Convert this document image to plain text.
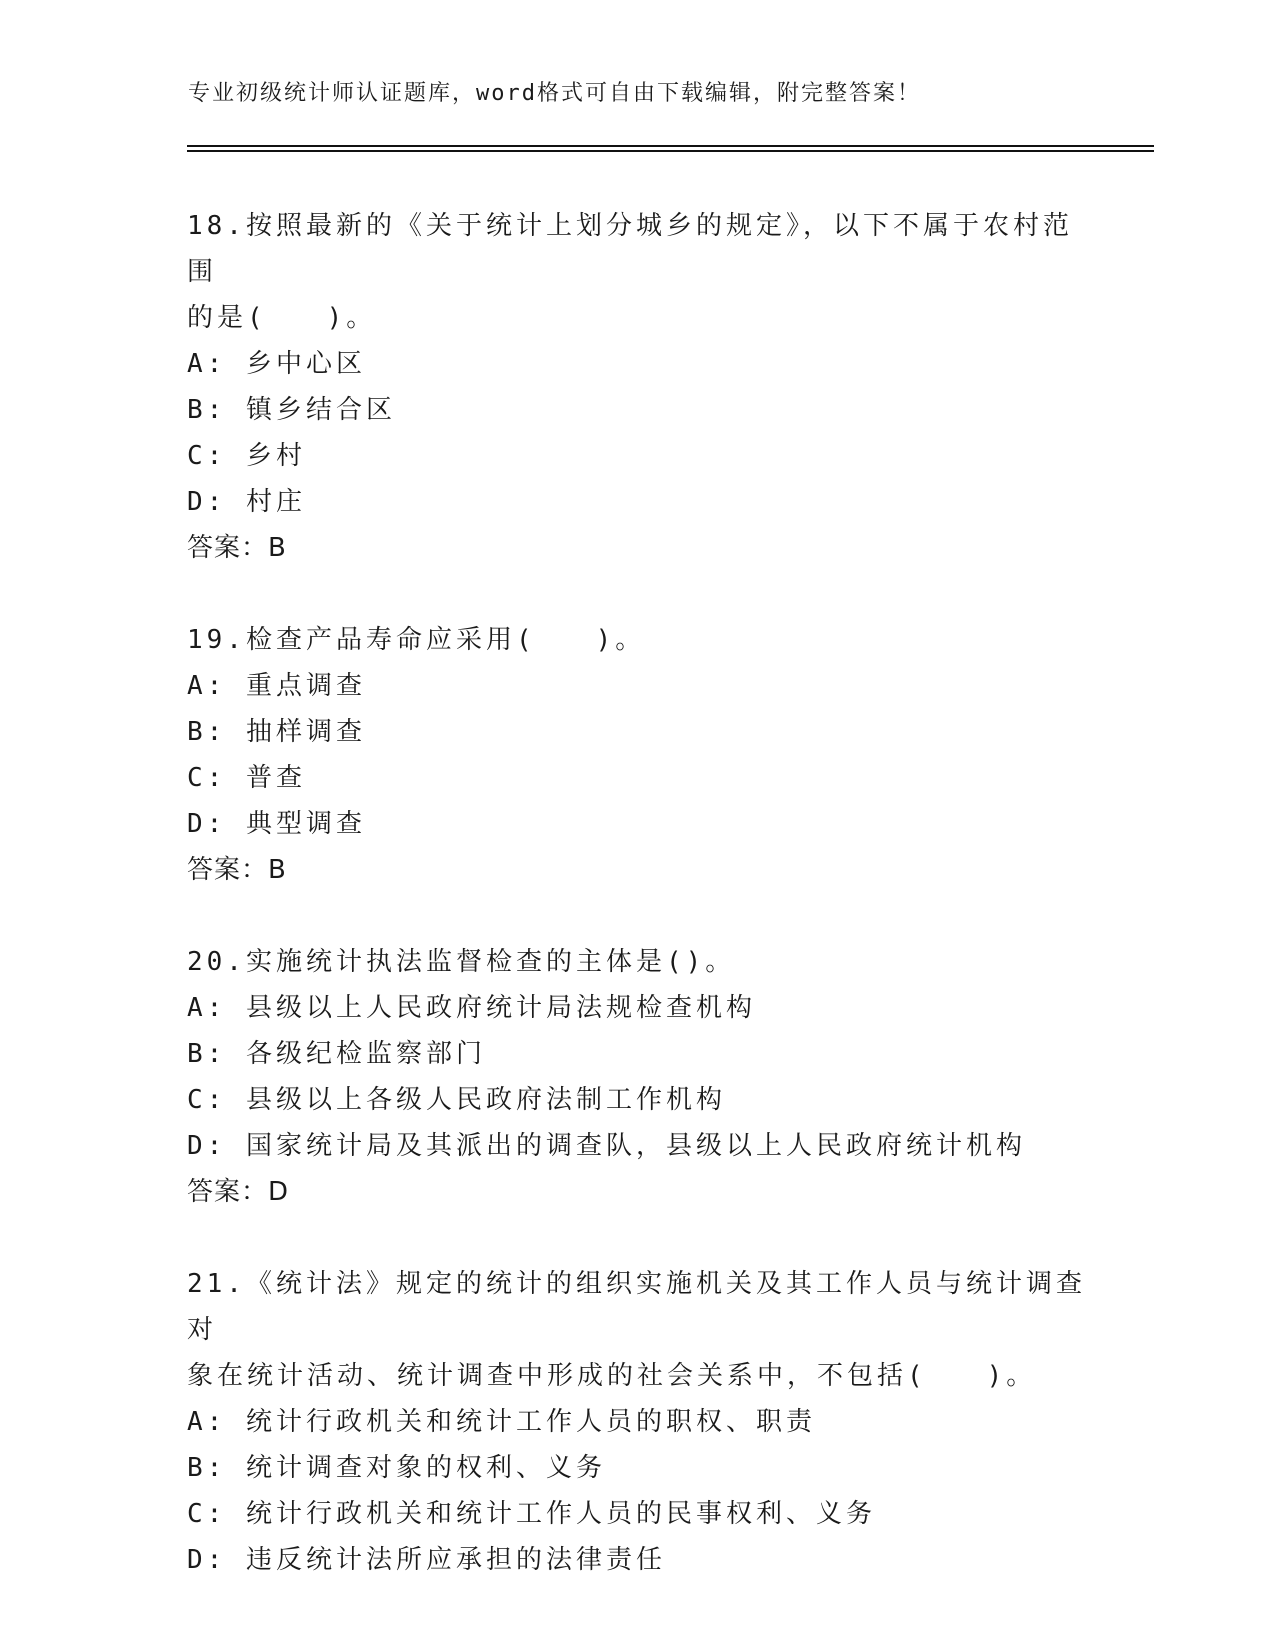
专业初级统计师认证题库，word格式可自由下载编辑，附完整答案！
18.按照最新的《关于统计上划分城乡的规定》，以下不属于农村范围
的是(　　)。
A: 乡中心区
B: 镇乡结合区
C: 乡村
D: 村庄
答案：B
19.检查产品寿命应采用(　　)。
A: 重点调查
B: 抽样调查
C: 普查
D: 典型调查
答案：B
20.实施统计执法监督检查的主体是()。
A: 县级以上人民政府统计局法规检查机构
B: 各级纪检监察部门
C: 县级以上各级人民政府法制工作机构
D: 国家统计局及其派出的调查队，县级以上人民政府统计机构
答案：D
21.《统计法》规定的统计的组织实施机关及其工作人员与统计调查对
象在统计活动、统计调查中形成的社会关系中，不包括(　　)。
A: 统计行政机关和统计工作人员的职权、职责
B: 统计调查对象的权利、义务
C: 统计行政机关和统计工作人员的民事权利、义务
D: 违反统计法所应承担的法律责任
